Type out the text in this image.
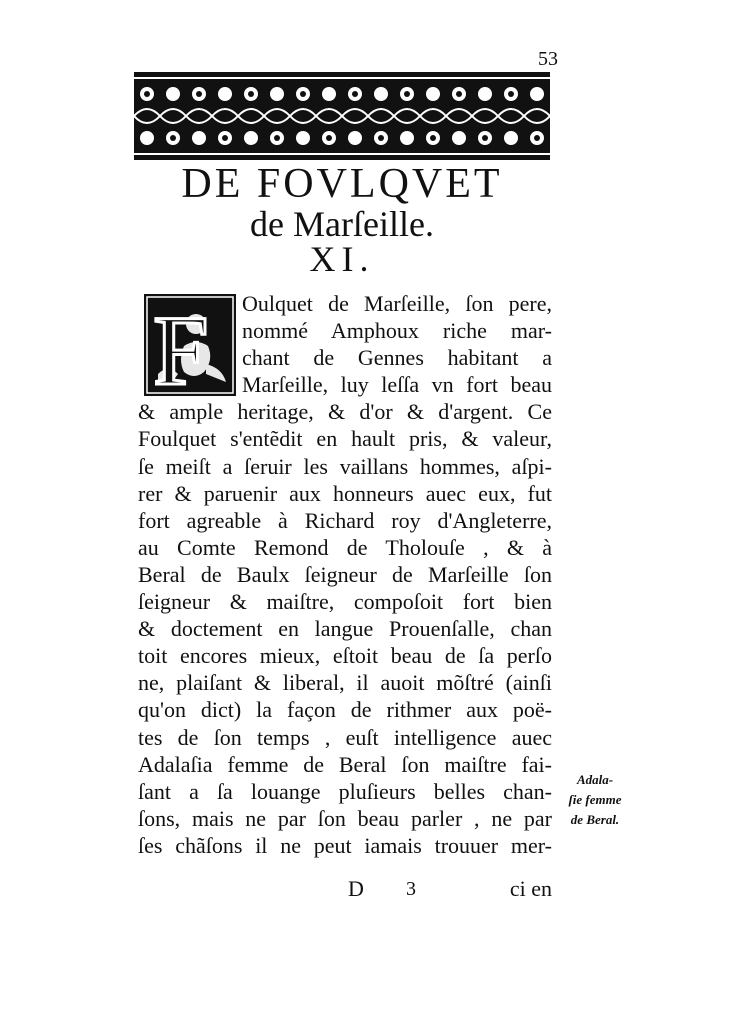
53
DE FOVLQVET
de Marſeille.
XI.
F Oulquet de Marſeille, ſon pere,
nommé Amphoux riche mar-
chant de Gennes habitant a
Marſeille, luy leſſa vn fort beau
& ample heritage, & d'or & d'argent. Ce
Foulquet s'entẽdit en hault pris, & valeur,
ſe meiſt a ſeruir les vaillans hommes, aſpi-
rer & paruenir aux honneurs auec eux, fut
fort agreable à Richard roy d'Angleterre,
au Comte Remond de Tholouſe , & à
Beral de Baulx ſeigneur de Marſeille ſon
ſeigneur & maiſtre, compoſoit fort bien
& doctement en langue Prouenſalle, chan
toit encores mieux, eſtoit beau de ſa perſo
ne, plaiſant & liberal, il auoit mõſtré (ainſi
qu'on dict) la façon de rithmer aux poë-
tes de ſon temps , euſt intelligence auec
Adalaſia femme de Beral ſon maiſtre fai-
ſant a ſa louange pluſieurs belles chan-
ſons, mais ne par ſon beau parler , ne par
ſes chãſons il ne peut iamais trouuer mer-
Adala-
ſie femme
de Beral.
D 3	ci en
